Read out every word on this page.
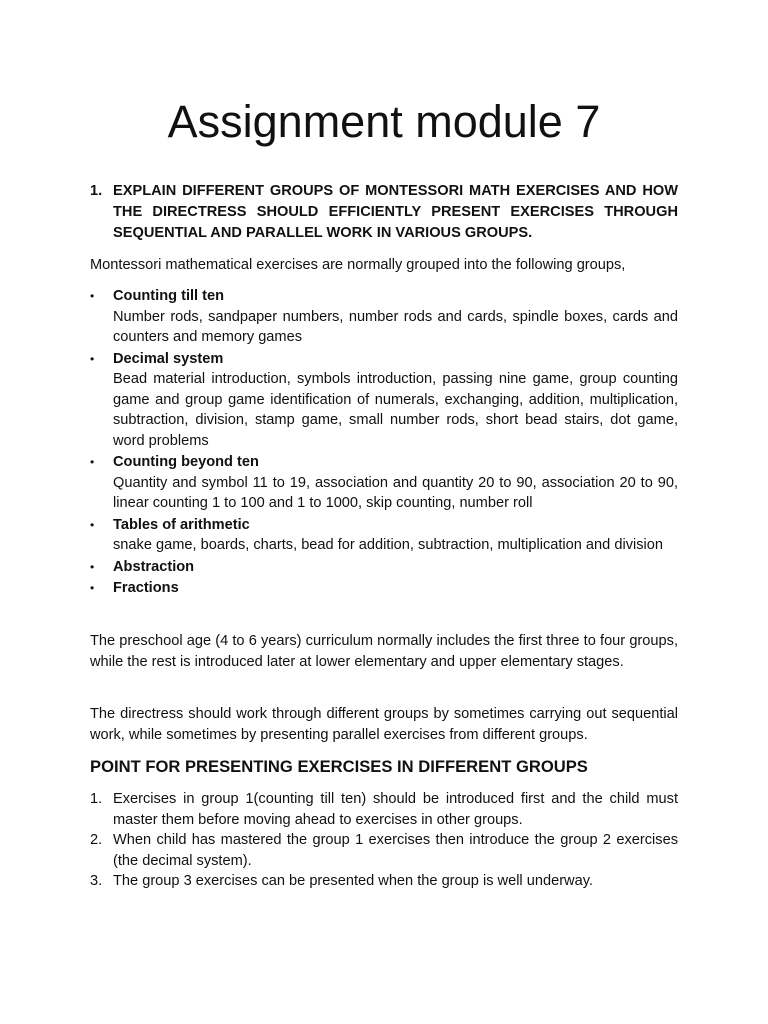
Assignment module 7
1. EXPLAIN DIFFERENT GROUPS OF MONTESSORI MATH EXERCISES AND HOW THE DIRECTRESS SHOULD EFFICIENTLY PRESENT EXERCISES THROUGH SEQUENTIAL AND PARALLEL WORK IN VARIOUS GROUPS.
Montessori mathematical exercises are normally grouped into the following groups,
• Counting till ten
Number rods, sandpaper numbers, number rods and cards, spindle boxes, cards and counters and memory games
• Decimal system
Bead material introduction, symbols introduction, passing nine game, group counting game and group game identification of numerals, exchanging, addition, multiplication, subtraction, division, stamp game, small number rods, short bead stairs, dot game, word problems
• Counting beyond ten
Quantity and symbol 11 to 19, association and quantity 20 to 90, association 20 to 90, linear counting 1 to 100 and 1 to 1000, skip counting, number roll
• Tables of arithmetic
snake game, boards, charts, bead for addition, subtraction, multiplication and division
• Abstraction
• Fractions
The preschool age (4 to 6 years) curriculum normally includes the first three to four groups, while the rest is introduced later at lower elementary and upper elementary stages.
The directress should work through different groups by sometimes carrying out sequential work, while sometimes by presenting parallel exercises from different groups.
POINT FOR PRESENTING EXERCISES IN DIFFERENT GROUPS
1. Exercises in group 1(counting till ten) should be introduced first and the child must master them before moving ahead to exercises in other groups.
2. When child has mastered the group 1 exercises then introduce the group 2 exercises (the decimal system).
3. The group 3 exercises can be presented when the group is well underway.
